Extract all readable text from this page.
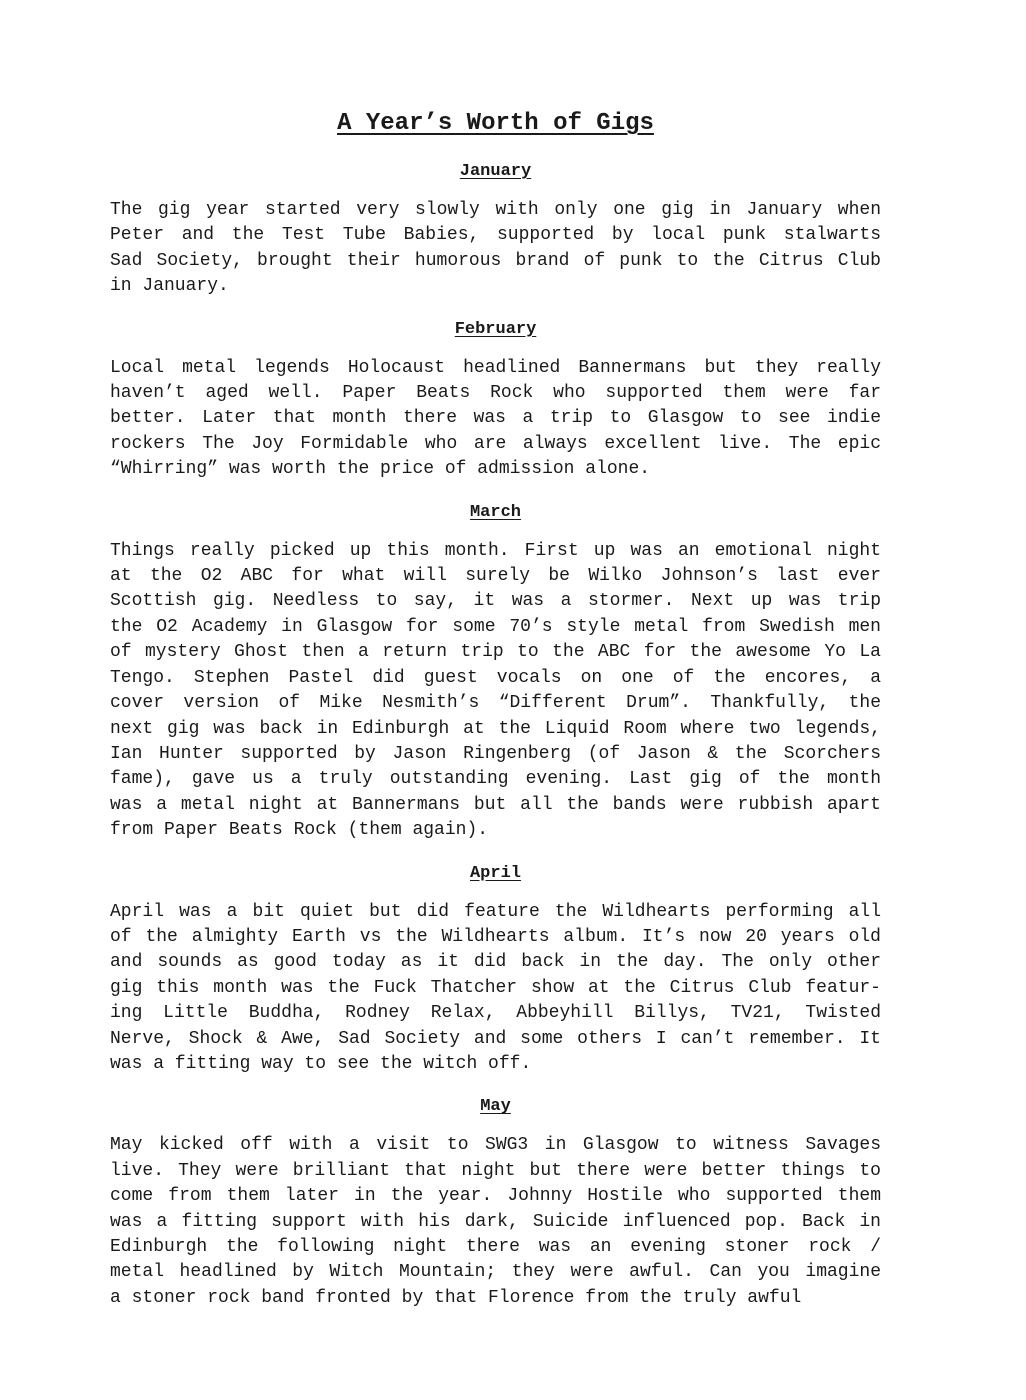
A Year’s Worth of Gigs
January
The gig year started very slowly with only one gig in January when
Peter and the Test Tube Babies, supported by local punk stalwarts
Sad Society, brought their humorous brand of punk to the Citrus Club
in January.
February
Local metal legends Holocaust headlined Bannermans but they really
haven’t aged well. Paper Beats Rock who supported them were far
better. Later that month there was a trip to Glasgow to see indie
rockers The Joy Formidable who are always excellent live. The epic
“Whirring” was worth the price of admission alone.
March
Things really picked up this month. First up was an emotional night
at the O2 ABC for what will surely be Wilko Johnson’s last ever
Scottish gig. Needless to say, it was a stormer. Next up was trip
the O2 Academy in Glasgow for some 70’s style metal from Swedish men
of mystery Ghost then a return trip to the ABC for the awesome Yo La
Tengo. Stephen Pastel did guest vocals on one of the encores, a
cover version of Mike Nesmith’s “Different Drum”. Thankfully, the
next gig was back in Edinburgh at the Liquid Room where two legends,
Ian Hunter supported by Jason Ringenberg (of Jason & the Scorchers
fame), gave us a truly outstanding evening. Last gig of the month
was a metal night at Bannermans but all the bands were rubbish apart
from Paper Beats Rock (them again).
April
April was a bit quiet but did feature the Wildhearts performing all
of the almighty Earth vs the Wildhearts album. It’s now 20 years old
and sounds as good today as it did back in the day. The only other
gig this month was the Fuck Thatcher show at the Citrus Club featur-
ing Little Buddha, Rodney Relax, Abbeyhill Billys, TV21, Twisted
Nerve, Shock & Awe, Sad Society and some others I can’t remember. It
was a fitting way to see the witch off.
May
May kicked off with a visit to SWG3 in Glasgow to witness Savages
live. They were brilliant that night but there were better things to
come from them later in the year. Johnny Hostile who supported them
was a fitting support with his dark, Suicide influenced pop. Back in
Edinburgh the following night there was an evening stoner rock /
metal headlined by Witch Mountain; they were awful. Can you imagine
a stoner rock band fronted by that Florence from the truly awful
